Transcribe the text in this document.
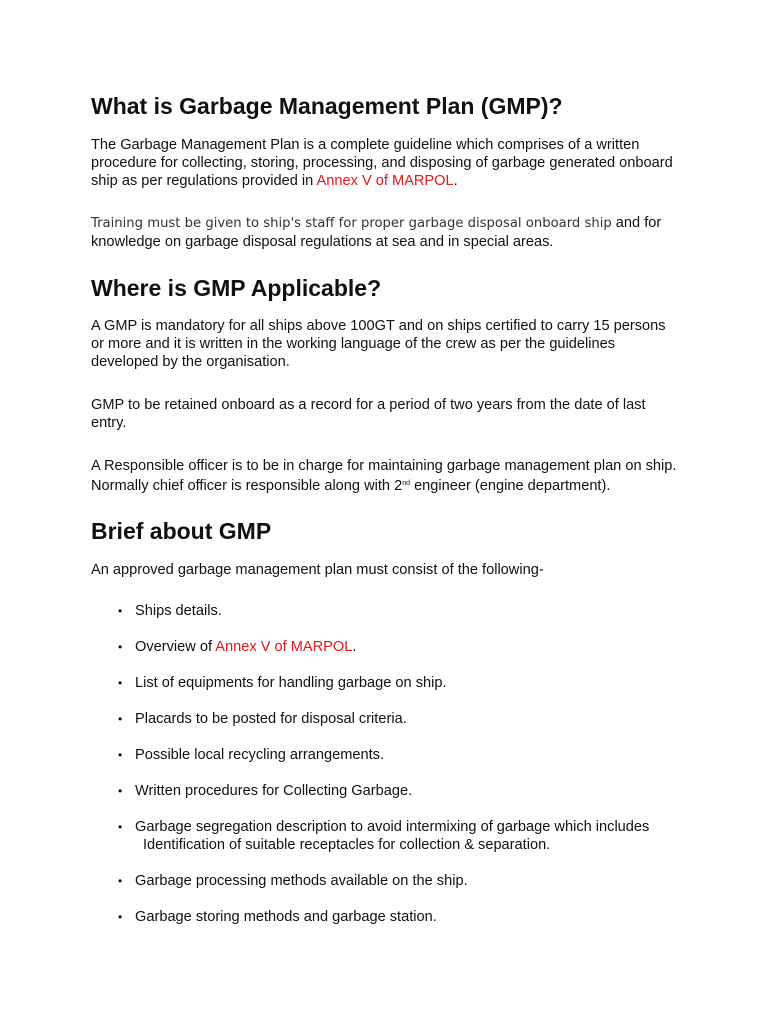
What is Garbage Management Plan (GMP)?

The Garbage Management Plan is a complete guideline which comprises of a written procedure for collecting, storing, processing, and disposing of garbage generated onboard ship as per regulations provided in Annex V of MARPOL.

Training must be given to ship's staff for proper garbage disposal onboard ship and for knowledge on garbage disposal regulations at sea and in special areas.

Where is GMP Applicable?

A GMP is mandatory for all ships above 100GT and on ships certified to carry 15 persons or more and it is written in the working language of the crew as per the guidelines developed by the organisation.

GMP to be retained onboard as a record for a period of two years from the date of last entry.

A Responsible officer is to be in charge for maintaining garbage management plan on ship. Normally chief officer is responsible along with 2nd engineer (engine department).

Brief about GMP

An approved garbage management plan must consist of the following-

• Ships details.
• Overview of Annex V of MARPOL.
• List of equipments for handling garbage on ship.
• Placards to be posted for disposal criteria.
• Possible local recycling arrangements.
• Written procedures for Collecting Garbage.
• Garbage segregation description to avoid intermixing of garbage which includes
Identification of suitable receptacles for collection & separation.
• Garbage processing methods available on the ship.
• Garbage storing methods and garbage station.
